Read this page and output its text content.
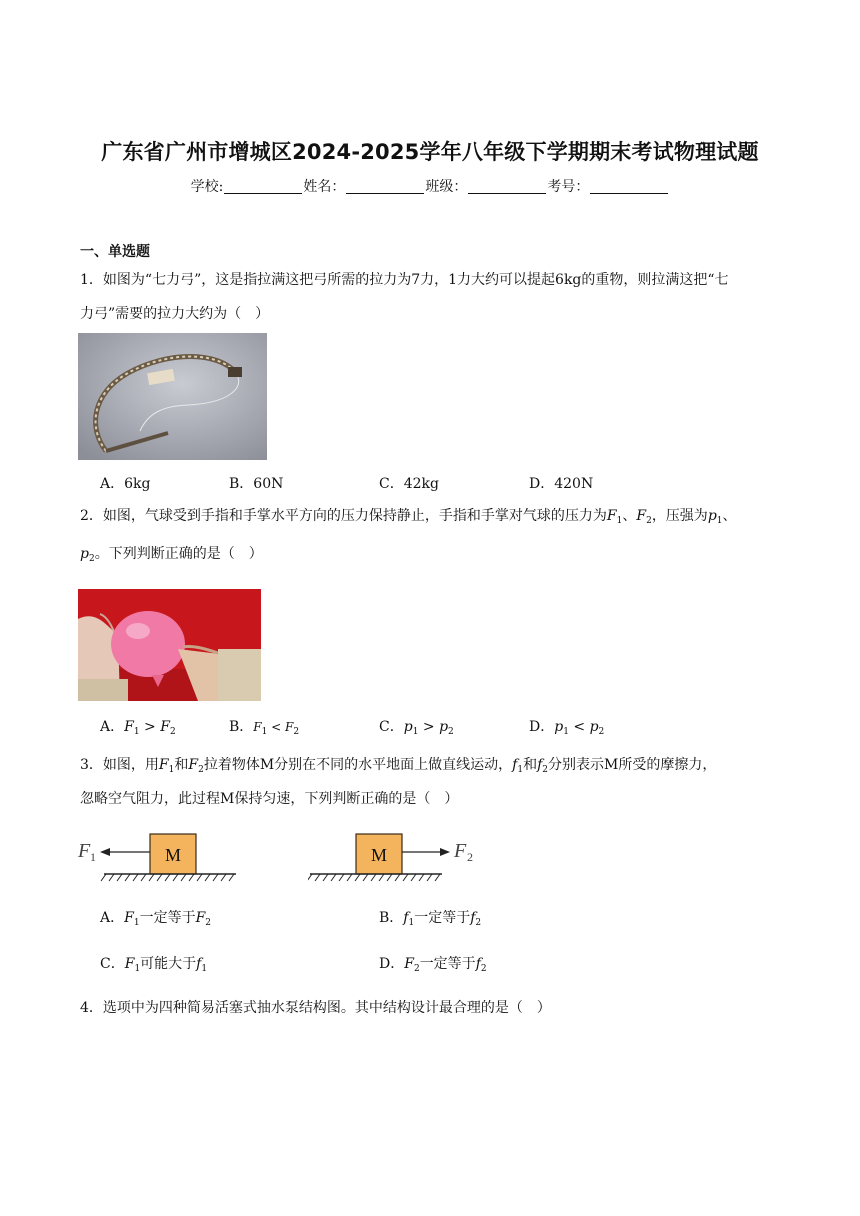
广东省广州市增城区2024-2025学年八年级下学期期末考试物理试题
学校:	姓名：	班级：	考号：
一、单选题
1．如图为“七力弓”，这是指拉满这把弓所需的拉力为7力，1力大约可以提起6kg的重物，则拉满这把“七
力弓”需要的拉力大约为（　）
A．6kg	B．60N	C．42kg	D．420N
2．如图，气球受到手指和手掌水平方向的压力保持静止，手指和手掌对气球的压力为$F_1$、$F_2$，压强为$p_1$、
$p_2$。下列判断正确的是（　）
A．$F_1 > F_2$	B．$F_1 < F_2$	C．$p_1 > p_2$	D．$p_1 < p_2$
3．如图，用$F_1$和$F_2$拉着物体M分别在不同的水平地面上做直线运动，$f_1$和$f_2$分别表示M所受的摩擦力，
忽略空气阻力，此过程M保持匀速，下列判断正确的是（　）
M
F 1	M	F 2
A．$F_1$一定等于$F_2$	B．$f_1$一定等于$f_2$
C．$F_1$可能大于$f_1$	D．$F_2$一定等于$f_2$
4．选项中为四种简易活塞式抽水泵结构图。其中结构设计最合理的是（　）
